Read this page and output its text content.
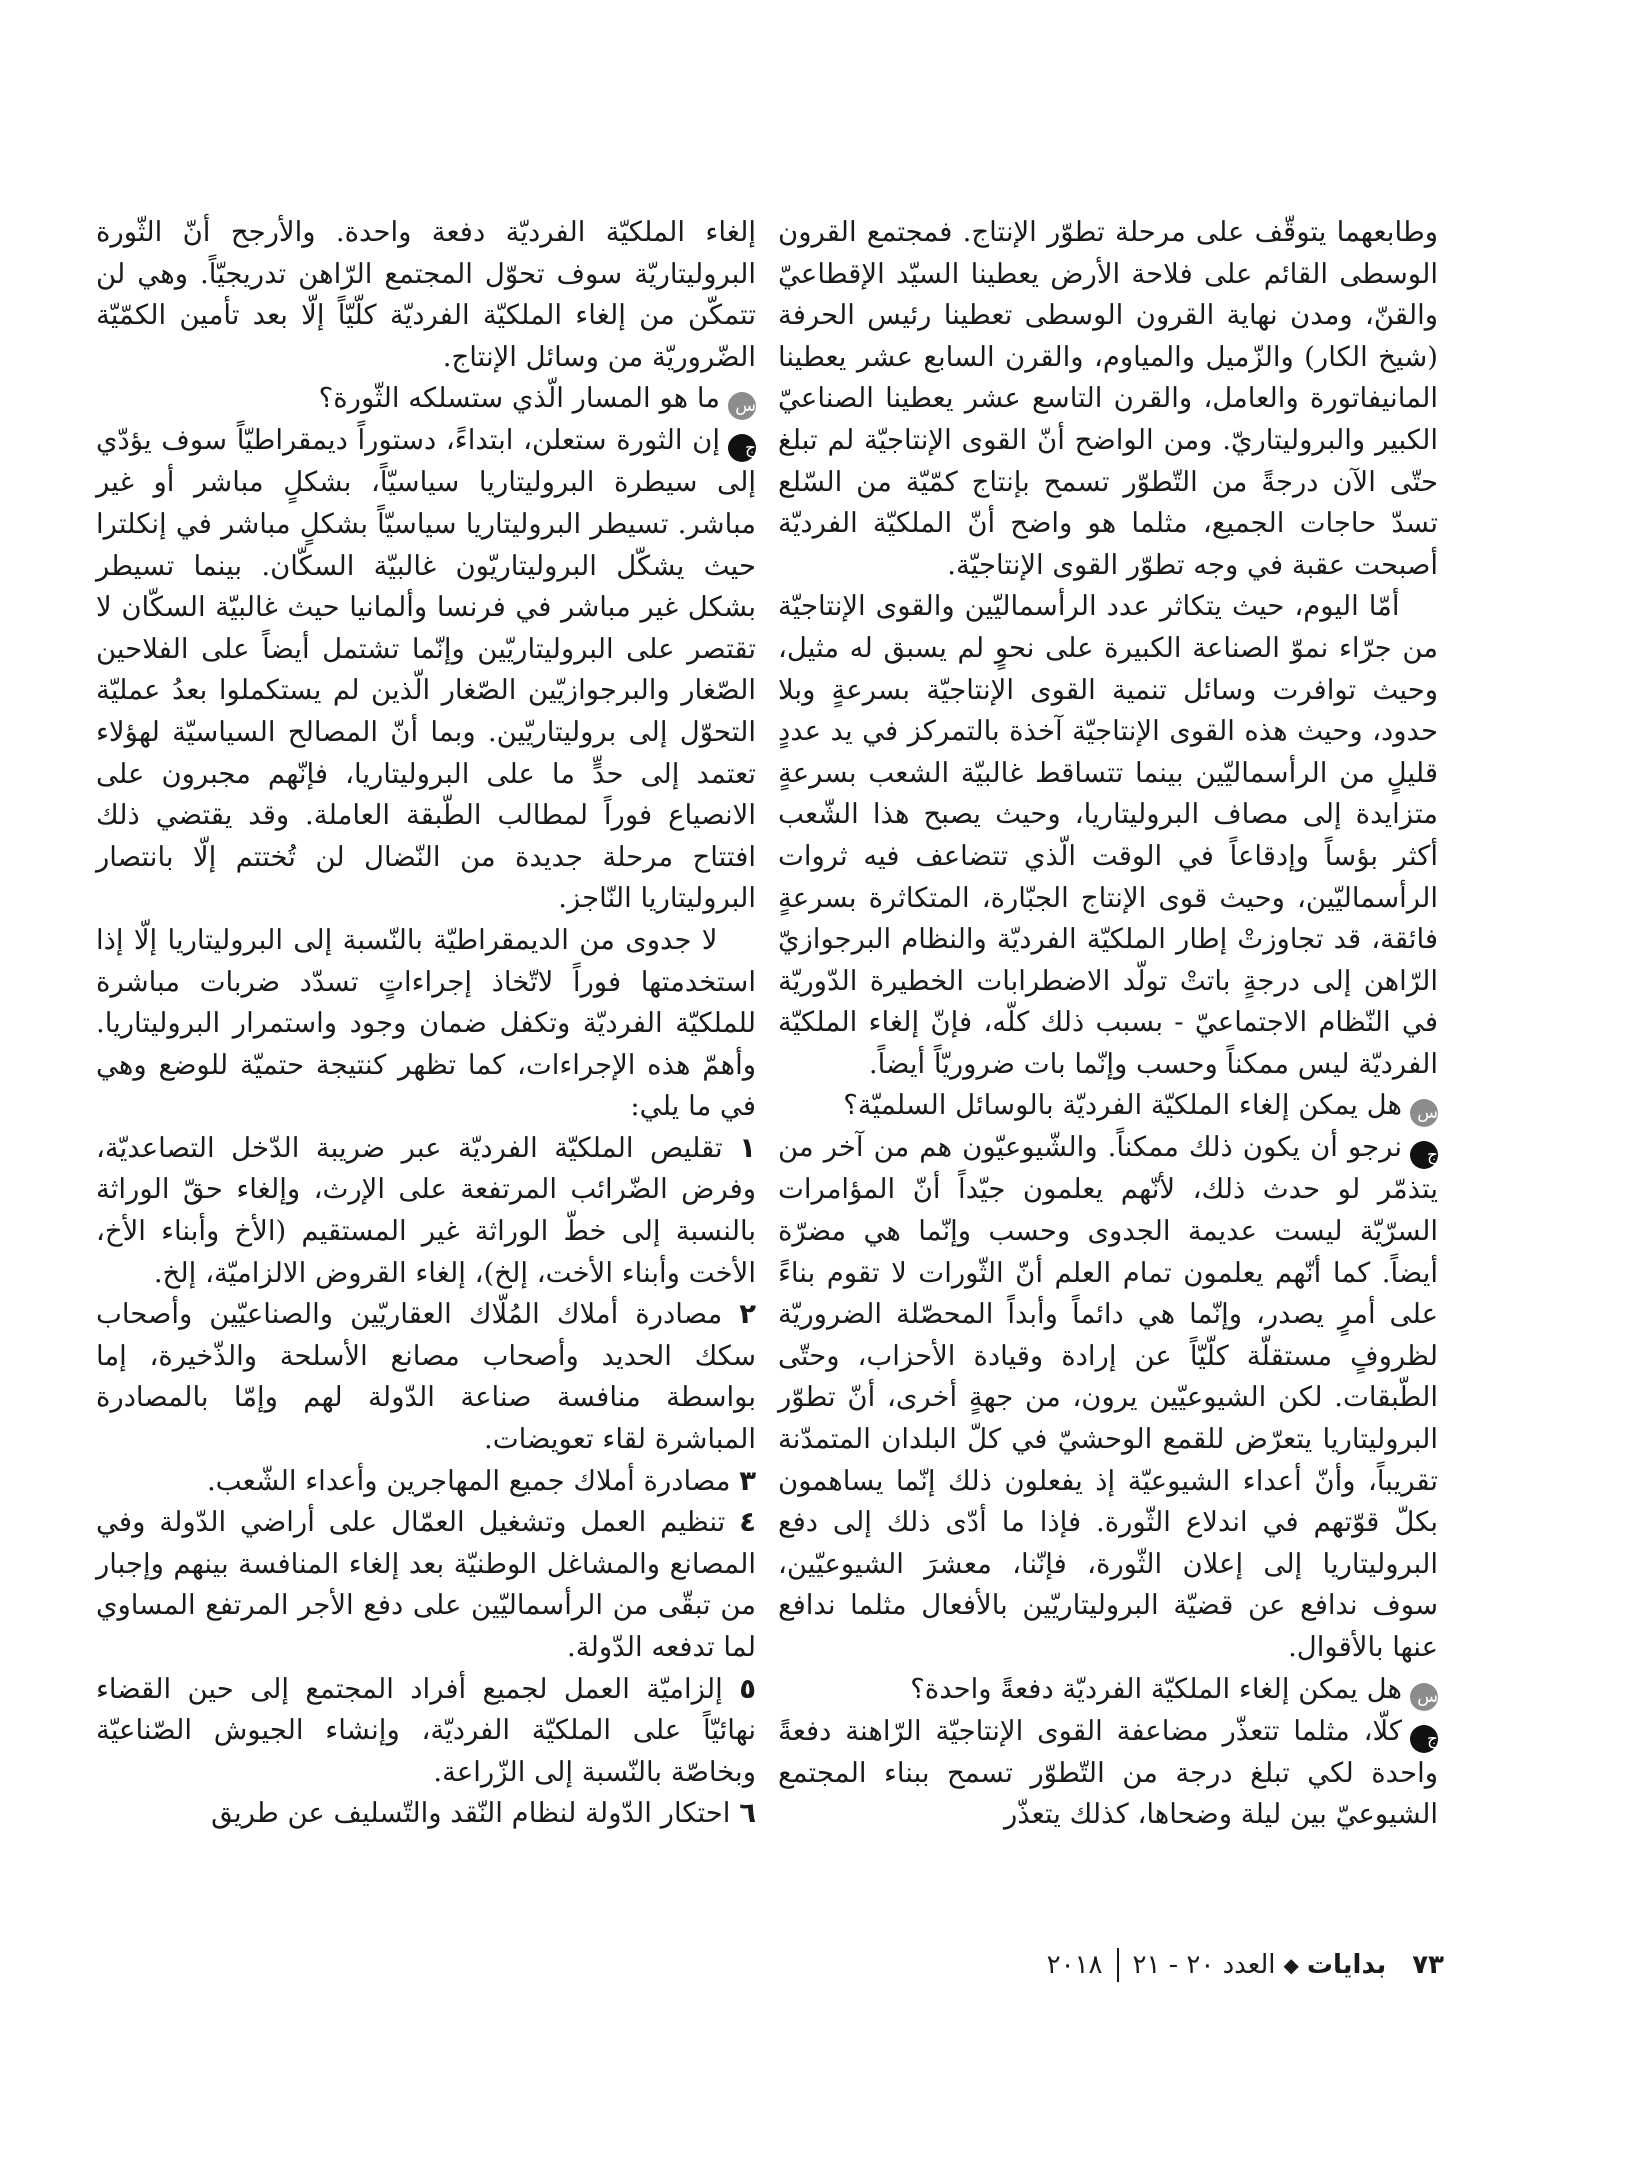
وطابعهما يتوقّف على مرحلة تطوّر الإنتاج. فمجتمع القرون الوسطى القائم على فلاحة الأرض يعطينا السيّد الإقطاعيّ والقنّ، ومدن نهاية القرون الوسطى تعطينا رئيس الحرفة (شيخ الكار) والزّميل والمياوم، والقرن السابع عشر يعطينا المانيفاتورة والعامل، والقرن التاسع عشر يعطينا الصناعيّ الكبير والبروليتاريّ. ومن الواضح أنّ القوى الإنتاجيّة لم تبلغ حتّى الآن درجةً من التّطوّر تسمح بإنتاج كمّيّة من السّلع تسدّ حاجات الجميع، مثلما هو واضح أنّ الملكيّة الفرديّة أصبحت عقبة في وجه تطوّر القوى الإنتاجيّة.

أمّا اليوم، حيث يتكاثر عدد الرأسماليّين والقوى الإنتاجيّة من جرّاء نموّ الصناعة الكبيرة على نحوٍ لم يسبق له مثيل، وحيث توافرت وسائل تنمية القوى الإنتاجيّة بسرعةٍ وبلا حدود، وحيث هذه القوى الإنتاجيّة آخذة بالتمركز في يد عددٍ قليلٍ من الرأسماليّين بينما تتساقط غالبيّة الشعب بسرعةٍ متزايدة إلى مصاف البروليتاريا، وحيث يصبح هذا الشّعب أكثر بؤساً وإدقاعاً في الوقت الّذي تتضاعف فيه ثروات الرأسماليّين، وحيث قوى الإنتاج الجبّارة، المتكاثرة بسرعةٍ فائقة، قد تجاوزتْ إطار الملكيّة الفرديّة والنظام البرجوازيّ الرّاهن إلى درجةٍ باتتْ تولّد الاضطرابات الخطيرة الدّوريّة في النّظام الاجتماعيّ - بسبب ذلك كلّه، فإنّ إلغاء الملكيّة الفرديّة ليس ممكناً وحسب وإنّما بات ضروريّاً أيضاً.

سهل يمكن إلغاء الملكيّة الفرديّة بالوسائل السلميّة؟

جنرجو أن يكون ذلك ممكناً. والشّيوعيّون هم من آخر من يتذمّر لو حدث ذلك، لأنّهم يعلمون جيّداً أنّ المؤامرات السرّيّة ليست عديمة الجدوى وحسب وإنّما هي مضرّة أيضاً. كما أنّهم يعلمون تمام العلم أنّ الثّورات لا تقوم بناءً على أمرٍ يصدر، وإنّما هي دائماً وأبداً المحصّلة الضروريّة لظروفٍ مستقلّة كلّيّاً عن إرادة وقيادة الأحزاب، وحتّى الطّبقات. لكن الشيوعيّين يرون، من جهةٍ أخرى، أنّ تطوّر البروليتاريا يتعرّض للقمع الوحشيّ في كلّ البلدان المتمدّنة تقريباً، وأنّ أعداء الشيوعيّة إذ يفعلون ذلك إنّما يساهمون بكلّ قوّتهم في اندلاع الثّورة. فإذا ما أدّى ذلك إلى دفع البروليتاريا إلى إعلان الثّورة، فإنّنا، معشرَ الشيوعيّين، سوف ندافع عن قضيّة البروليتاريّين بالأفعال مثلما ندافع عنها بالأقوال.

سهل يمكن إلغاء الملكيّة الفرديّة دفعةً واحدة؟

جكلّا، مثلما تتعذّر مضاعفة القوى الإنتاجيّة الرّاهنة دفعةً واحدة لكي تبلغ درجة من التّطوّر تسمح ببناء المجتمع الشيوعيّ بين ليلة وضحاها، كذلك يتعذّر

إلغاء الملكيّة الفرديّة دفعة واحدة. والأرجح أنّ الثّورة البروليتاريّة سوف تحوّل المجتمع الرّاهن تدريجيّاً. وهي لن تتمكّن من إلغاء الملكيّة الفرديّة كلّيّاً إلّا بعد تأمين الكمّيّة الضّروريّة من وسائل الإنتاج.

سما هو المسار الّذي ستسلكه الثّورة؟

جإن الثورة ستعلن، ابتداءً، دستوراً ديمقراطيّاً سوف يؤدّي إلى سيطرة البروليتاريا سياسيّاً، بشكلٍ مباشر أو غير مباشر. تسيطر البروليتاريا سياسيّاً بشكلٍ مباشر في إنكلترا حيث يشكّل البروليتاريّون غالبيّة السكّان. بينما تسيطر بشكل غير مباشر في فرنسا وألمانيا حيث غالبيّة السكّان لا تقتصر على البروليتاريّين وإنّما تشتمل أيضاً على الفلاحين الصّغار والبرجوازيّين الصّغار الّذين لم يستكملوا بعدُ عمليّة التحوّل إلى بروليتاريّين. وبما أنّ المصالح السياسيّة لهؤلاء تعتمد إلى حدٍّ ما على البروليتاريا، فإنّهم مجبرون على الانصياع فوراً لمطالب الطّبقة العاملة. وقد يقتضي ذلك افتتاح مرحلة جديدة من النّضال لن تُختتم إلّا بانتصار البروليتاريا النّاجز.

لا جدوى من الديمقراطيّة بالنّسبة إلى البروليتاريا إلّا إذا استخدمتها فوراً لاتّخاذ إجراءاتٍ تسدّد ضربات مباشرة للملكيّة الفرديّة وتكفل ضمان وجود واستمرار البروليتاريا. وأهمّ هذه الإجراءات، كما تظهر كنتيجة حتميّة للوضع وهي في ما يلي:

١ تقليص الملكيّة الفرديّة عبر ضريبة الدّخل التصاعديّة، وفرض الضّرائب المرتفعة على الإرث، وإلغاء حقّ الوراثة بالنسبة إلى خطّ الوراثة غير المستقيم (الأخ وأبناء الأخ، الأخت وأبناء الأخت، إلخ)، إلغاء القروض الالزاميّة، إلخ.

٢ مصادرة أملاك المُلّاك العقاريّين والصناعيّين وأصحاب سكك الحديد وأصحاب مصانع الأسلحة والذّخيرة، إما بواسطة منافسة صناعة الدّولة لهم وإمّا بالمصادرة المباشرة لقاء تعويضات.

٣ مصادرة أملاك جميع المهاجرين وأعداء الشّعب.

٤ تنظيم العمل وتشغيل العمّال على أراضي الدّولة وفي المصانع والمشاغل الوطنيّة بعد إلغاء المنافسة بينهم وإجبار من تبقّى من الرأسماليّين على دفع الأجر المرتفع المساوي لما تدفعه الدّولة.

٥ إلزاميّة العمل لجميع أفراد المجتمع إلى حين القضاء نهائيّاً على الملكيّة الفرديّة، وإنشاء الجيوش الصّناعيّة وبخاصّة بالنّسبة إلى الزّراعة.

٦ احتكار الدّولة لنظام النّقد والتّسليف عن طريق

٧٣
بدايات
◆
العدد ٢٠ - ٢١
٢٠١٨
